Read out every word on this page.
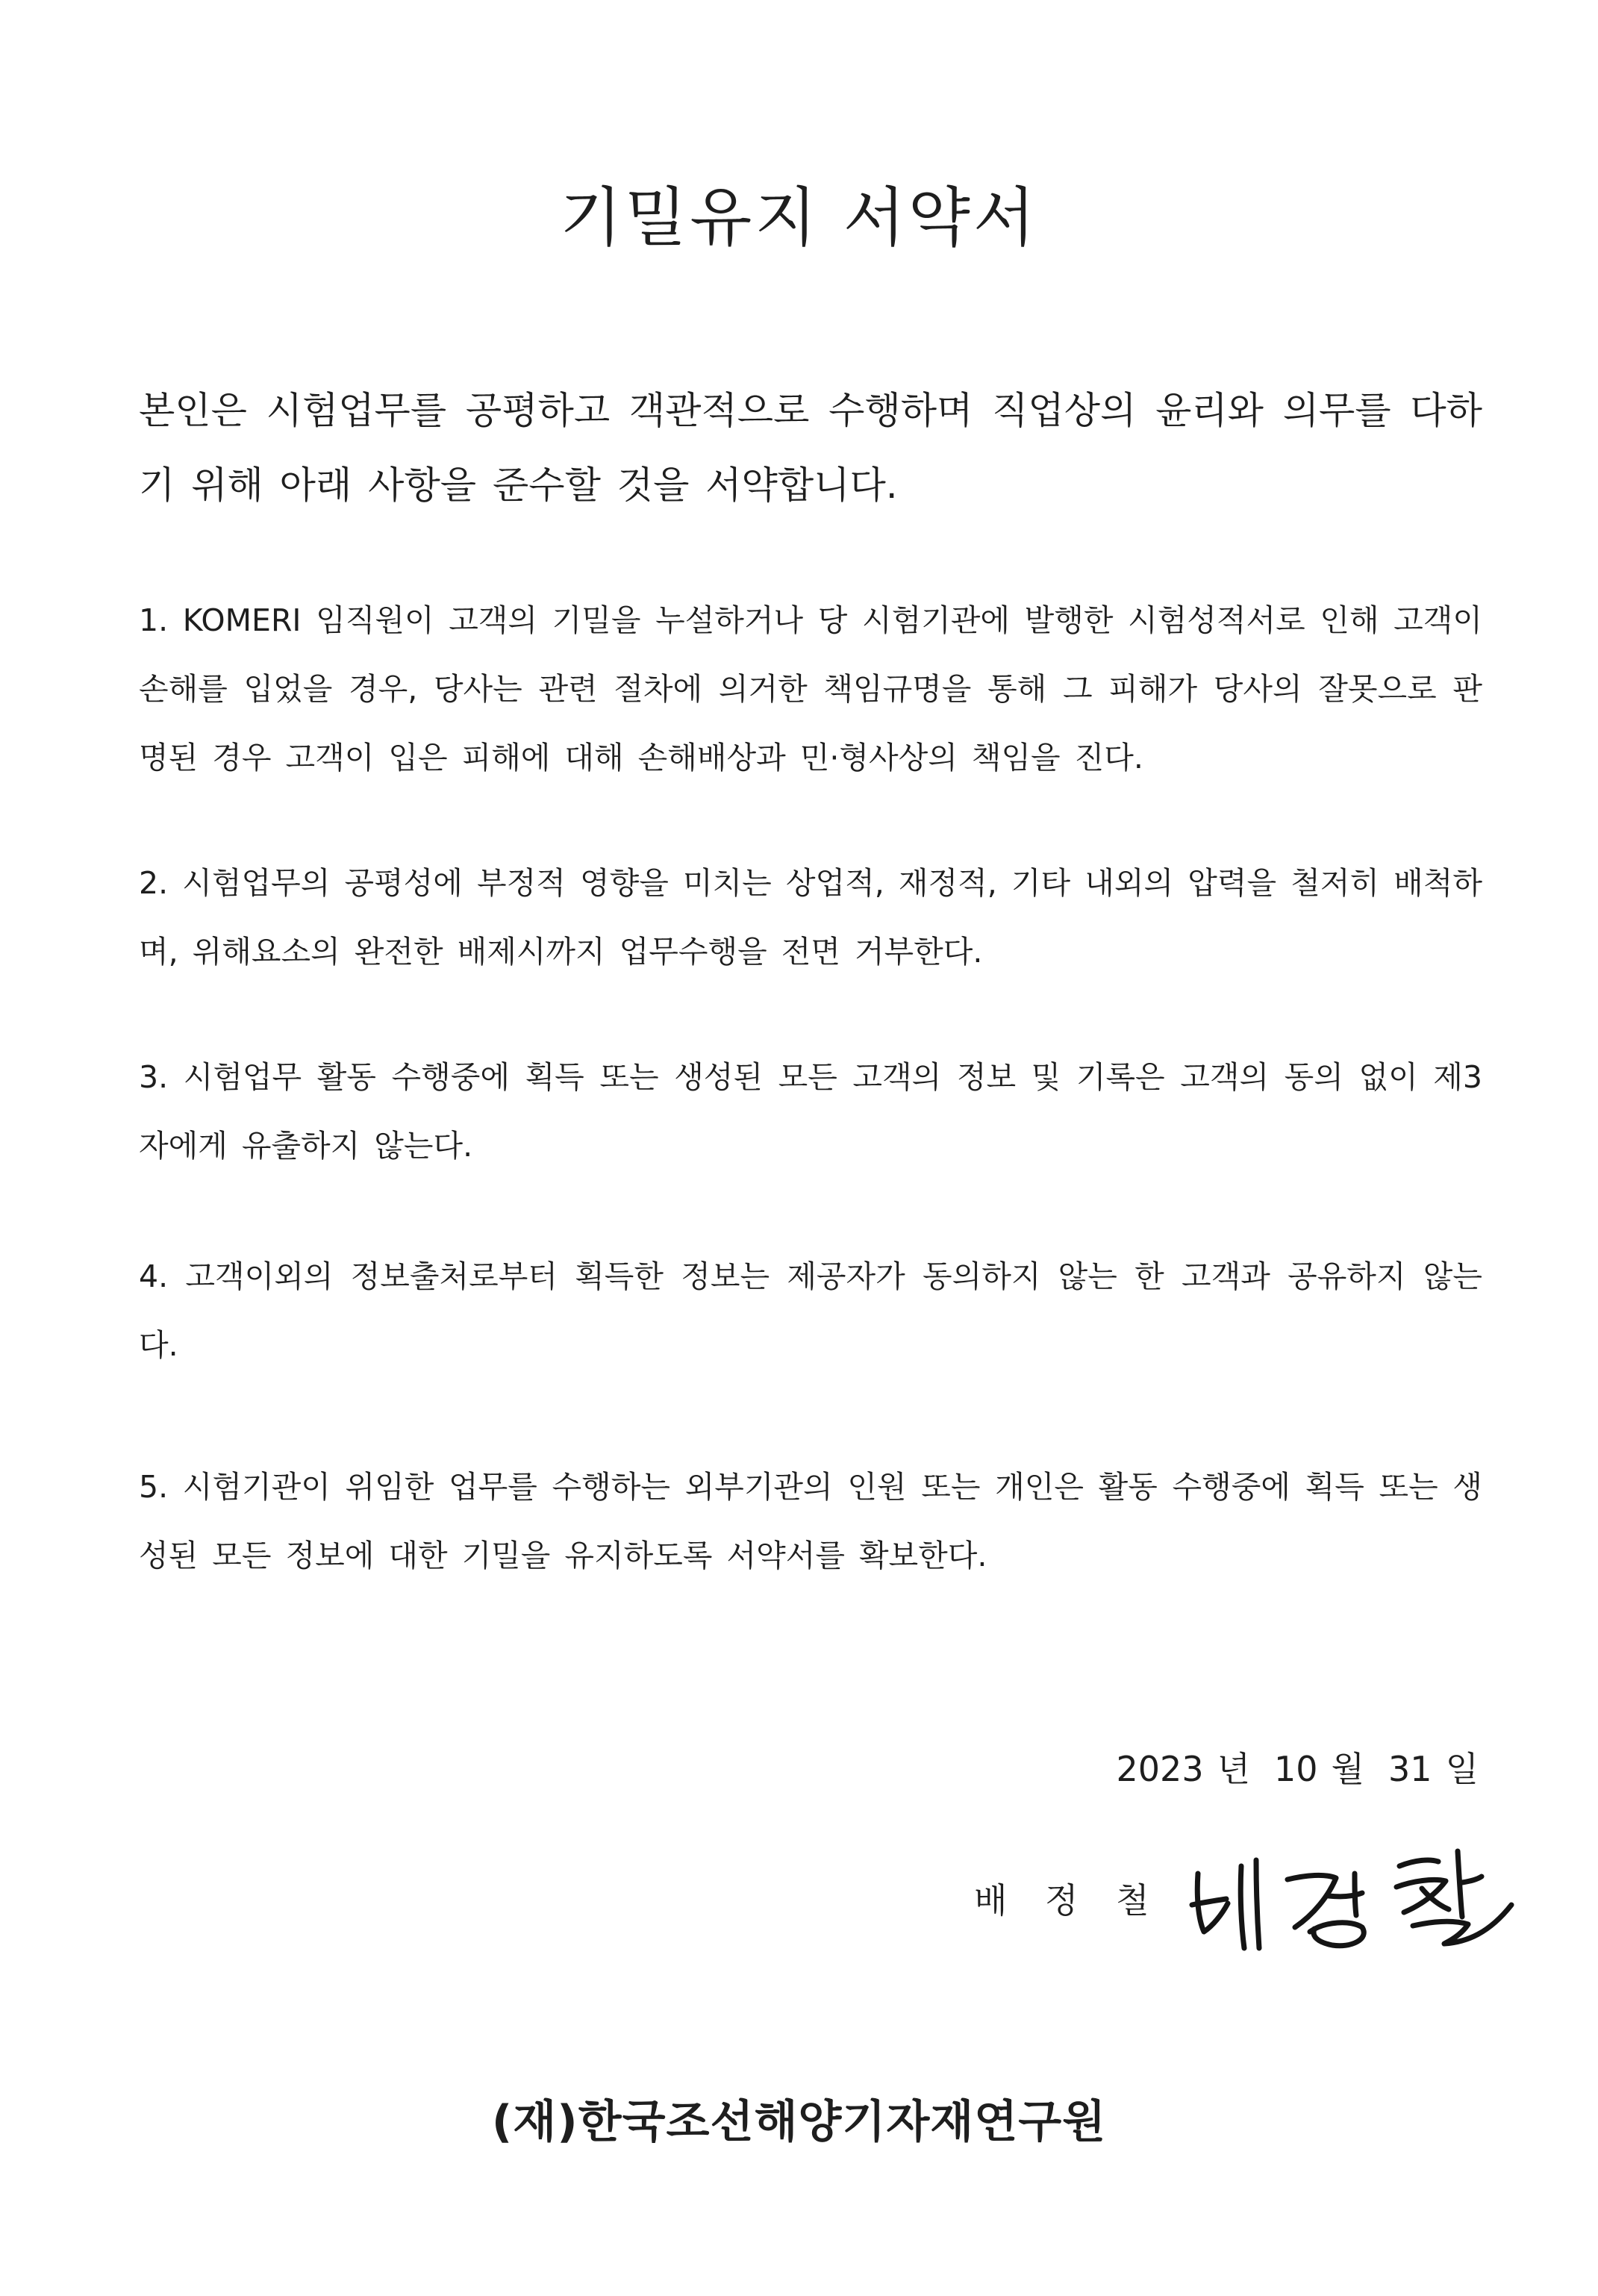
기밀유지 서약서
본인은 시험업무를 공평하고 객관적으로 수행하며 직업상의 윤리와 의무를 다하기 위해 아래 사항을 준수할 것을 서약합니다.
1. KOMERI 임직원이 고객의 기밀을 누설하거나 당 시험기관에 발행한 시험성적서로 인해 고객이 손해를 입었을 경우, 당사는 관련 절차에 의거한 책임규명을 통해 그 피해가 당사의 잘못으로 판명된 경우 고객이 입은 피해에 대해 손해배상과 민·형사상의 책임을 진다.
2. 시험업무의 공평성에 부정적 영향을 미치는 상업적, 재정적, 기타 내외의 압력을 철저히 배척하며, 위해요소의 완전한 배제시까지 업무수행을 전면 거부한다.
3. 시험업무 활동 수행중에 획득 또는 생성된 모든 고객의 정보 및 기록은 고객의 동의 없이 제3자에게 유출하지 않는다.
4. 고객이외의 정보출처로부터 획득한 정보는 제공자가 동의하지 않는 한 고객과 공유하지 않는다.
5. 시험기관이 위임한 업무를 수행하는 외부기관의 인원 또는 개인은 활동 수행중에 획득 또는 생성된 모든 정보에 대한 기밀을 유지하도록 서약서를 확보한다.
2023 년 10 월 31 일
배 정 철
(재)한국조선해양기자재연구원
